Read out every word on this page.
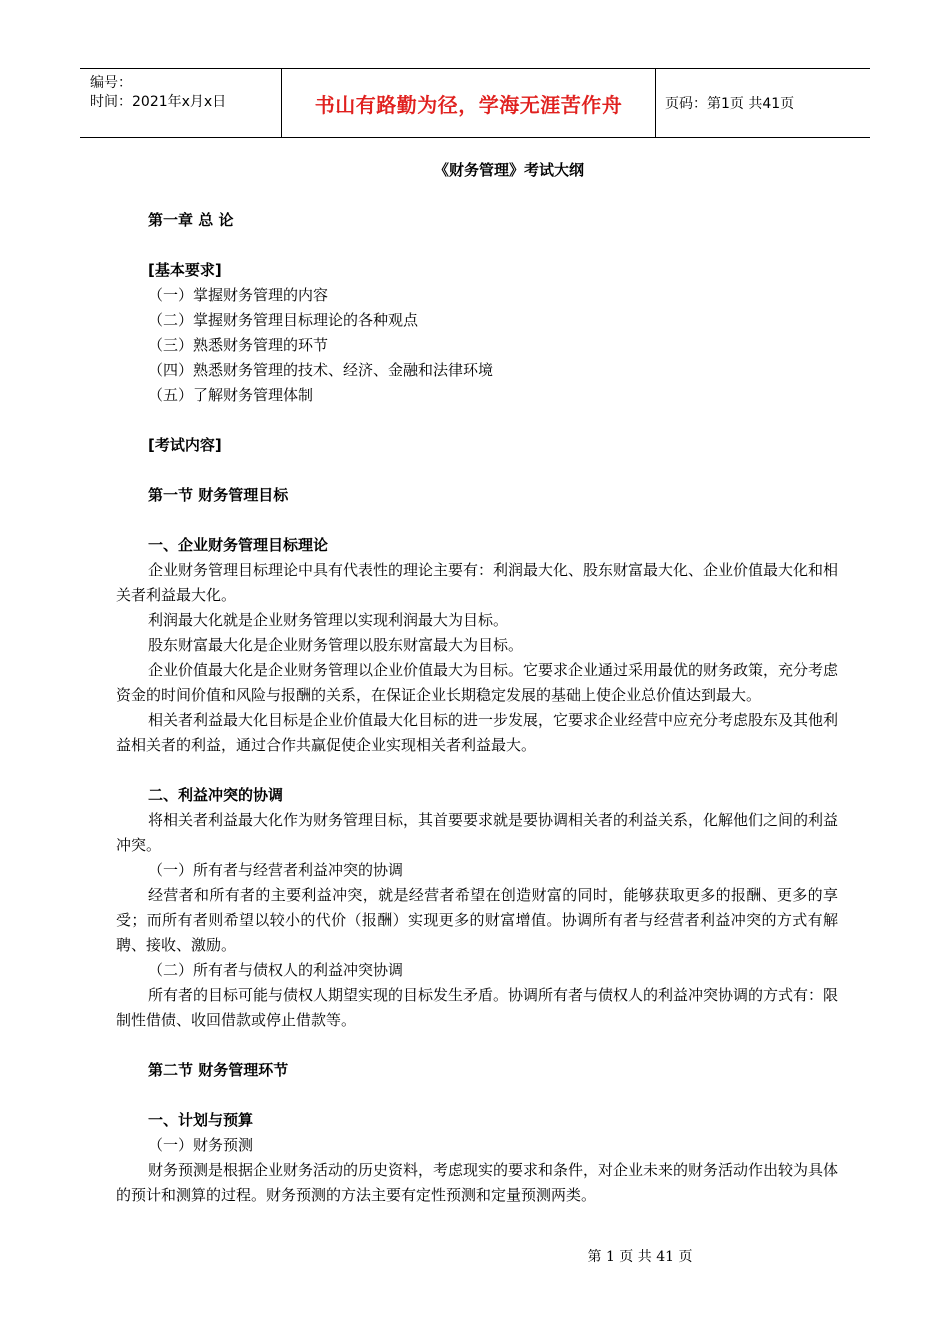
编号：
时间：2021年x月x日	书山有路勤为径，学海无涯苦作舟	页码：第1页 共41页
《财务管理》考试大纲
第一章 总 论
[基本要求]
（一）掌握财务管理的内容
（二）掌握财务管理目标理论的各种观点
（三）熟悉财务管理的环节
（四）熟悉财务管理的技术、经济、金融和法律环境
（五）了解财务管理体制
[考试内容]
第一节 财务管理目标
一、企业财务管理目标理论
企业财务管理目标理论中具有代表性的理论主要有：利润最大化、股东财富最大化、企业价值最大化和相关者利益最大化。
利润最大化就是企业财务管理以实现利润最大为目标。
股东财富最大化是企业财务管理以股东财富最大为目标。
企业价值最大化是企业财务管理以企业价值最大为目标。它要求企业通过采用最优的财务政策，充分考虑资金的时间价值和风险与报酬的关系，在保证企业长期稳定发展的基础上使企业总价值达到最大。
相关者利益最大化目标是企业价值最大化目标的进一步发展，它要求企业经营中应充分考虑股东及其他利益相关者的利益，通过合作共赢促使企业实现相关者利益最大。
二、利益冲突的协调
将相关者利益最大化作为财务管理目标，其首要要求就是要协调相关者的利益关系，化解他们之间的利益冲突。
（一）所有者与经营者利益冲突的协调
经营者和所有者的主要利益冲突，就是经营者希望在创造财富的同时，能够获取更多的报酬、更多的享受；而所有者则希望以较小的代价（报酬）实现更多的财富增值。协调所有者与经营者利益冲突的方式有解聘、接收、激励。
（二）所有者与债权人的利益冲突协调
所有者的目标可能与债权人期望实现的目标发生矛盾。协调所有者与债权人的利益冲突协调的方式有：限制性借债、收回借款或停止借款等。
第二节 财务管理环节
一、计划与预算
（一）财务预测
财务预测是根据企业财务活动的历史资料，考虑现实的要求和条件，对企业未来的财务活动作出较为具体的预计和测算的过程。财务预测的方法主要有定性预测和定量预测两类。
第 1 页 共 41 页
